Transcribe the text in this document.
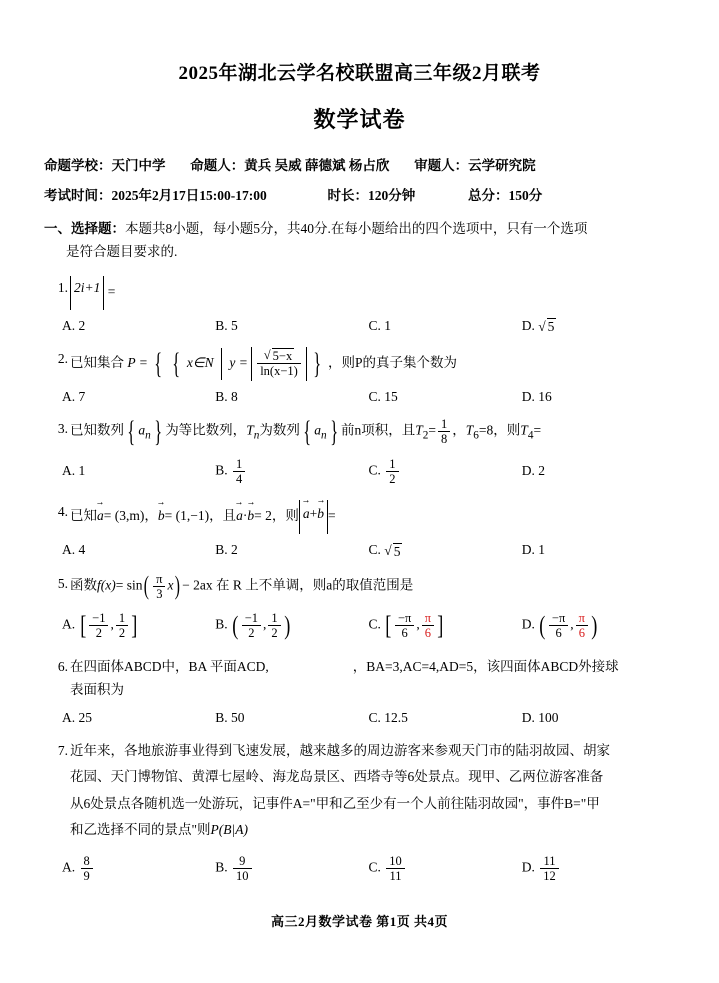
2025年湖北云学名校联盟高三年级2月联考
数学试卷
命题学校：天门中学 命题人：黄兵 吴威 薛德斌 杨占欣 审题人：云学研究院
考试时间：2025年2月17日15:00-17:00	时长：120分钟	总分：150分
一、选择题：本题共8小题，每小题5分，共40分.在每小题给出的四个选项中，只有一个选项
是符合题目要求的.
1. 2i+1 =
A. 2	B. 5	C. 1	D. √ 5
2. 已知集合 P = { { x∈N $y = \frac{√ 5-x}{\ln(x-1)}$ } ，则P的真子集个数为
A. 7	B. 8	C. 15	D. 16
3. 已知数列 { $a_n$ } 为等比数列，$T_n$为数列 { $a_n$ } 前n项积，且$T_2= \frac{1}{8}$ ，$T_6=8$，则$T_4=$
A. 1	B. $\frac{1}{4}$	C. $\frac{1}{2}$	D. 2
4. 已知→ a= (3,m)，→ b= (1,−1)，且→ a·→ b= 2，则 → a+→ b =
A. 4	B. 2	C. √ 5	D. 1
5. 函数$f(x)= \sin( \frac{\pi}{3} x) - 2ax$ 在 R 上不单调，则a的取值范围是
A. [ $\frac{-1}{2}$ , $\frac{1}{2}$ ]	B. ( $\frac{-1}{2}$ , $\frac{1}{2}$ )	C. [ $\frac{-\pi}{6}$ , $\frac{\pi}{6}$ ]	D. ( $\frac{-\pi}{6}$ , $\frac{\pi}{6}$ )
6. 在四面体ABCD中，BA 平面ACD,	，BA=3,AC=4,AD=5，该四面体ABCD外接球
表面积为
A. 25	B. 50	C. 12.5	D. 100
7. 近年来，各地旅游事业得到飞速发展，越来越多的周边游客来参观天门市的陆羽故园、胡家
花园、天门博物馆、黄潭七屋岭、海龙岛景区、西塔寺等6处景点。现甲、乙两位游客准备
从6处景点各随机选一处游玩，记事件A="甲和乙至少有一个人前往陆羽故园"，事件B="甲
和乙选择不同的景点"则P(B|A)
A. $\frac{8}{9}$	B. $\frac{9}{10}$	C. $\frac{10}{11}$	D. $\frac{11}{12}$
高三2月数学试卷 第1页 共4页
